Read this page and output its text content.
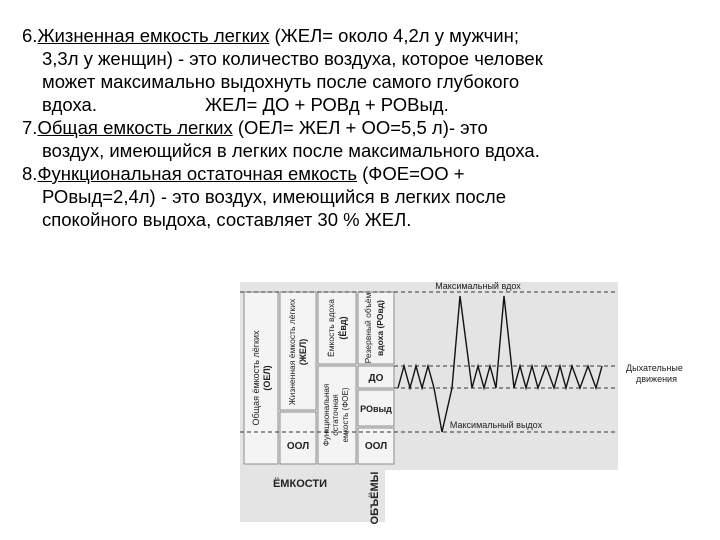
6.Жизненная емкость легких (ЖЕЛ= около 4,2л у мужчин;
3,3л у женщин) - это количество воздуха, которое человек
может максимально выдохнуть после самого глубокого
вдоха.	ЖЕЛ= ДО + РОВд + РОВыд.
7.Общая емкость легких (ОЕЛ= ЖЕЛ + ОО=5,5 л)- это
воздух, имеющийся в легких после максимального вдоха.
8.Функциональная остаточная емкость (ФОЕ=ОО +
РОвыд=2,4л) - это воздух, имеющийся в легких после
спокойного выдоха, составляет 30 % ЖЕЛ.
Максимальный вдох
Максимальный выдох
Дыхательные
движения
Общая ёмкость лёгких (ОЕЛ) Жизненная ёмкость лёгких (ЖЕЛ) Ёмкость вдоха (Ёвд)
Функциональная остаточная емкость (ФОЕ)
Резервный объём вдоха (РОвд)
ДО
РОвыд
ООЛ
ООЛ
ЁМКОСТИ	ОБЪЁМЫ
